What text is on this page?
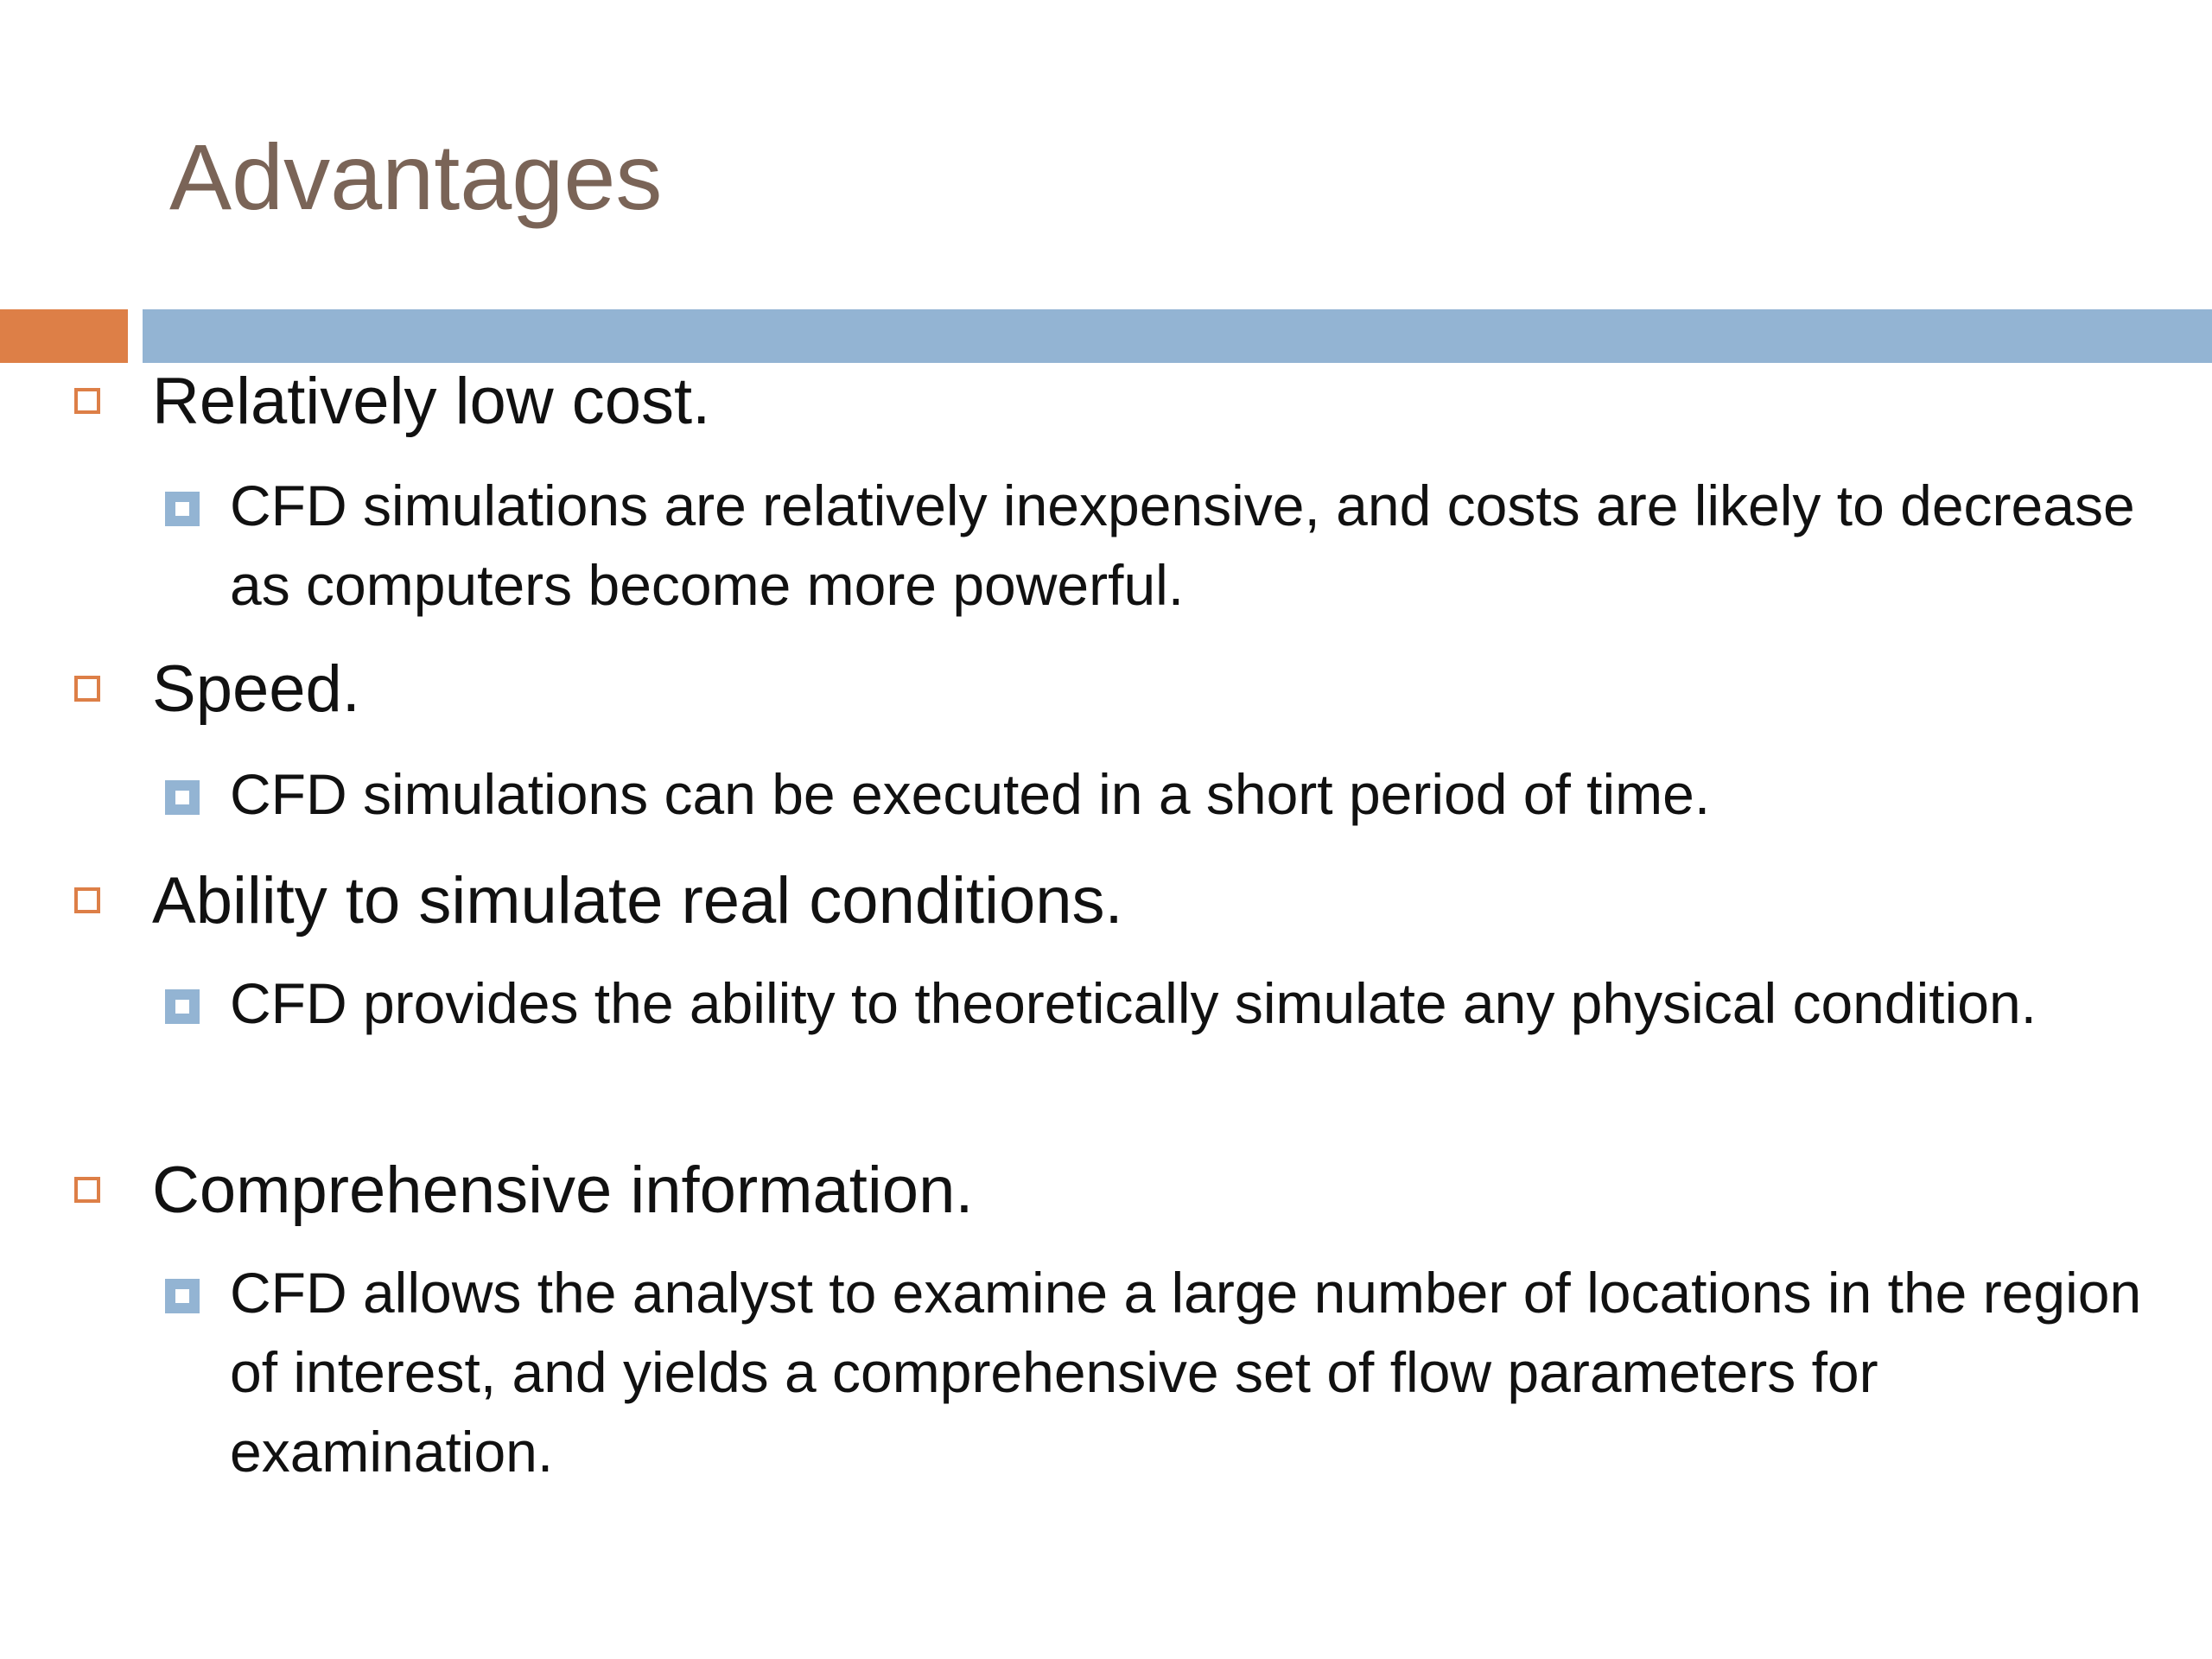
Advantages
Relatively low cost.
CFD simulations are relatively inexpensive, and costs are likely to decrease as computers become more powerful.
Speed.
CFD simulations can be executed in a short period of time.
Ability to simulate real conditions.
CFD provides the ability to theoretically simulate any physical condition.
Comprehensive information.
CFD allows the analyst to examine a large number of locations in the region of interest, and yields a comprehensive set of flow parameters for examination.
